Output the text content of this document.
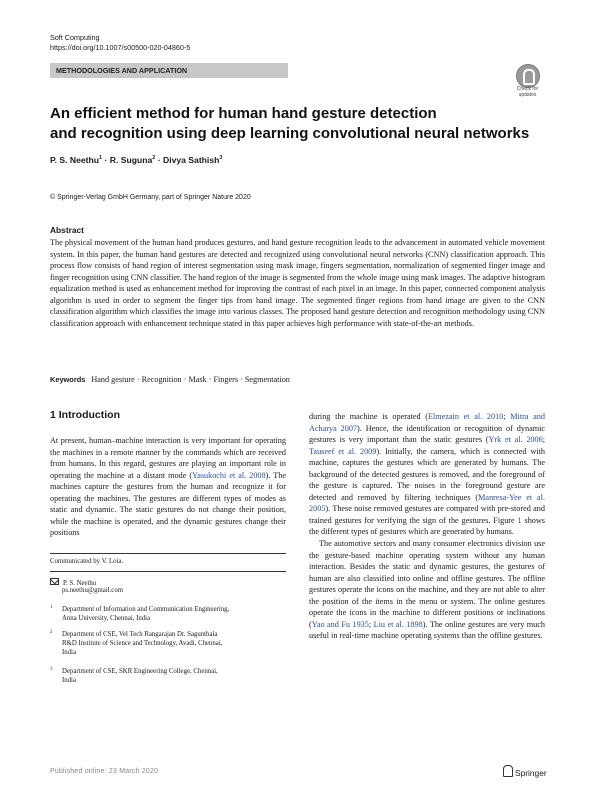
Soft Computing
https://doi.org/10.1007/s00500-020-04860-5
METHODOLOGIES AND APPLICATION
Check for
updates
An efficient method for human hand gesture detection
and recognition using deep learning convolutional neural networks
P. S. Neethu$^1$ · R. Suguna$^2$ · Divya Sathish$^3$
© Springer-Verlag GmbH Germany, part of Springer Nature 2020
Abstract
The physical movement of the human hand produces gestures, and hand gesture recognition leads to the advancement in automated vehicle movement system. In this paper, the human hand gestures are detected and recognized using convolutional neural networks (CNN) classification approach. This process flow consists of hand region of interest segmentation using mask image, fingers segmentation, normalization of segmented finger image and finger recognition using CNN classifier. The hand region of the image is segmented from the whole image using mask images. The adaptive histogram equalization method is used as enhancement method for improving the contrast of each pixel in an image. In this paper, connected component analysis algorithm is used in order to segment the finger tips from hand image. The segmented finger regions from hand image are given to the CNN classification algorithm which classifies the image into various classes. The proposed hand gesture detection and recognition methodology using CNN classification approach with enhancement technique stated in this paper achieves high performance with state-of-the-art methods.
Keywords Hand gesture · Recognition · Mask · Fingers · Segmentation
1 Introduction

At present, human–machine interaction is very important for operating the machines in a remote manner by the commands which are received from humans. In this regard, gestures are playing an important role in operating the machine at a distant mode (Yasukochi et al. 2008). The machines capture the gestures from the human and recognize it for operating the machines. The gestures are different types of modes as static and dynamic. The static gestures do not change their position, while the machine is operated, and the dynamic gestures change their positions

Communicated by V. Loia.
P. S. Neethu
ps.neethu@gmail.com
1 Department of Information and Communication Engineering,
Anna University, Chennai, India
2 Department of CSE, Vel Tech Rangarajan Dr. Sagunthala
R&D Institute of Science and Technology, Avadi, Chennai,
India
3 Department of CSE, SKR Engineering College, Chennai,
India

during the machine is operated (Elmezain et al. 2010; Mitra and Acharya 2007). Hence, the identification or recognition of dynamic gestures is very important than the static gestures (Yrk et al. 2006; Tauseef et al. 2009). Initially, the camera, which is connected with machine, captures the gestures which are generated by humans. The background of the detected gestures is removed, and the foreground of the gesture is captured. The noises in the foreground gesture are detected and removed by filtering techniques (Manresa-Yee et al. 2005). These noise removed gestures are compared with pre-stored and trained gestures for verifying the sign of the gestures. Figure 1 shows the different types of gestures which are generated by humans.

The automotive sectors and many consumer electronics division use the gesture-based machine operating system without any human interaction. Besides the static and dynamic gestures, the gestures of human are also classified into online and offline gestures. The offline gestures operate the icons on the machine, and they are not able to alter the position of the items in the menu or system. The online gestures operate the icons in the machine to different positions or inclinations (Yao and Fu 1935; Liu et al. 1898). The online gestures are very much useful in real-time machine operating systems than the offline gestures.

Published online: 23 March 2020	Springer
